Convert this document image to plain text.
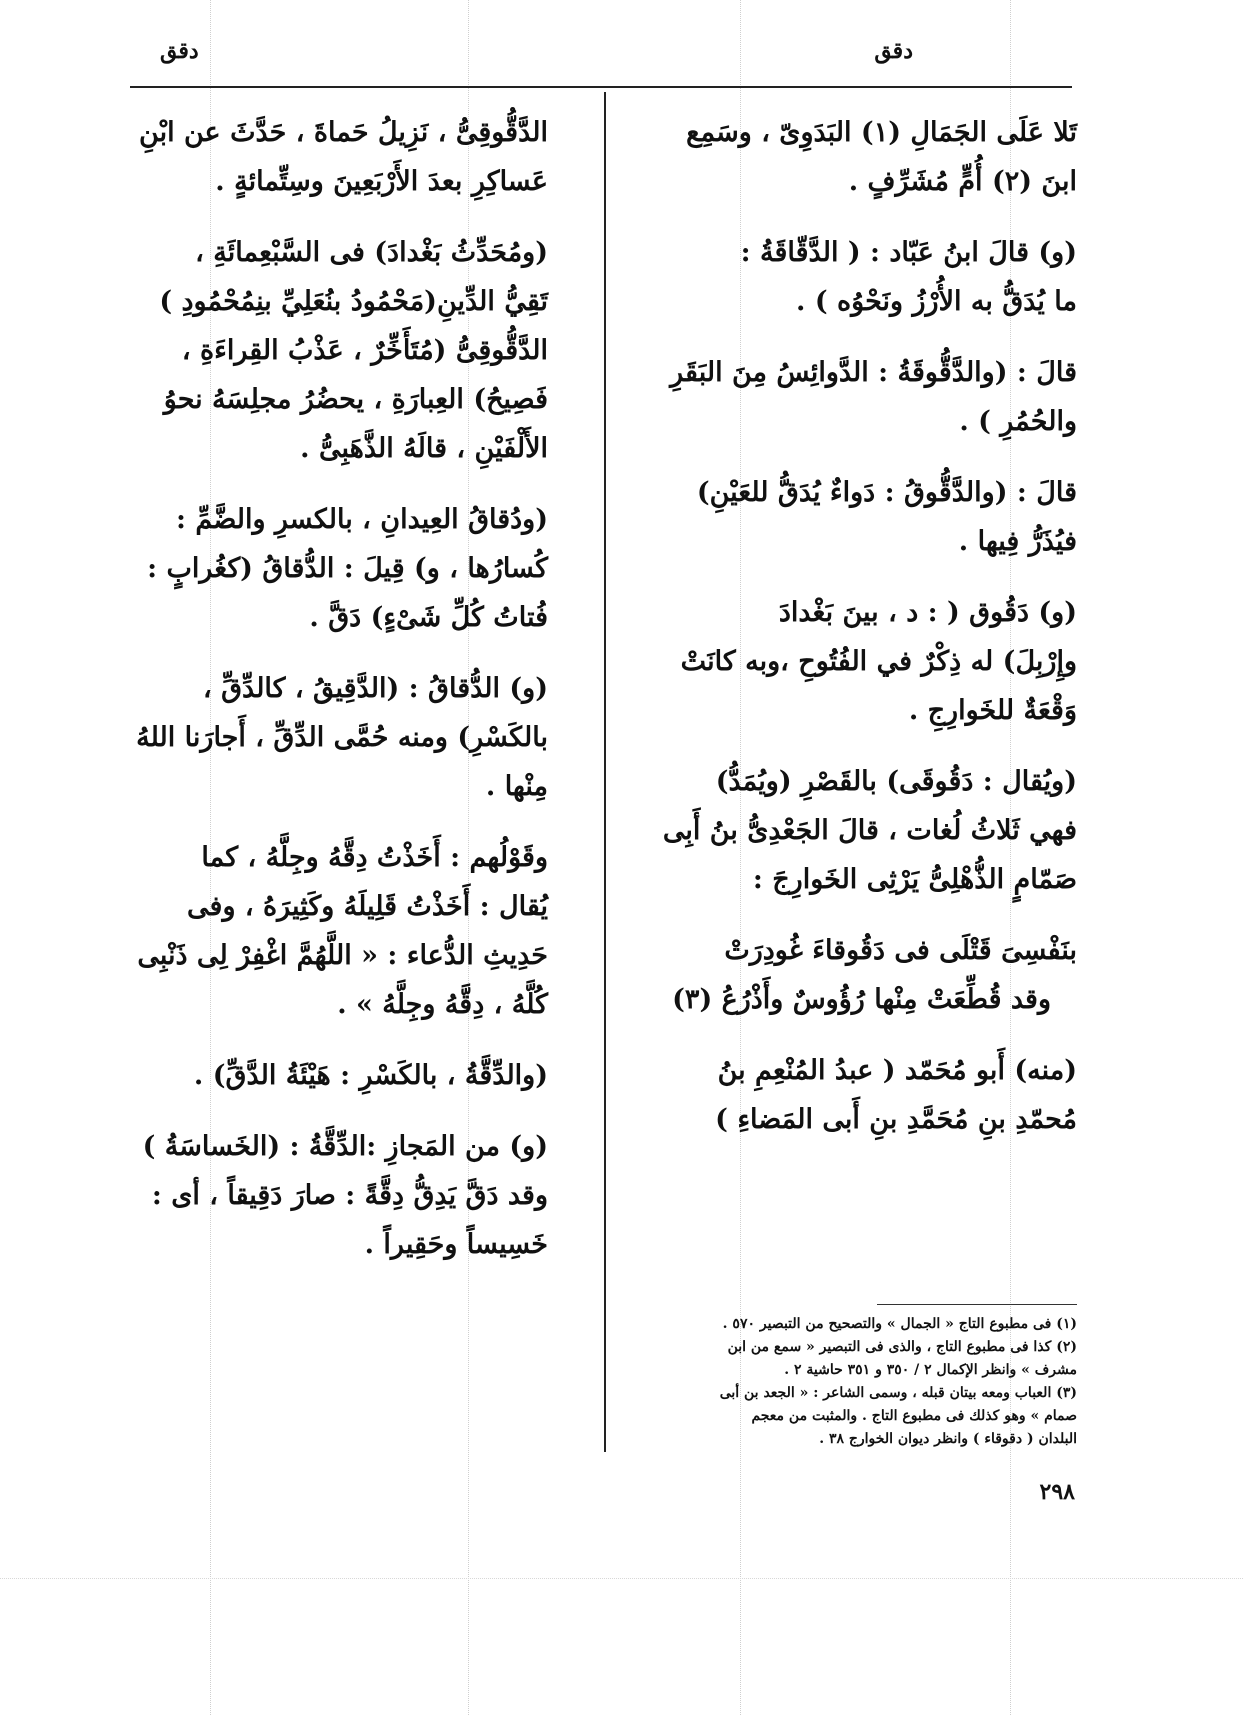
دقق
دقق

تَلا عَلَى الجَمَالِ (١) البَدَوِىّ ، وسَمِع

ابنَ (٢) أُمٍّ مُشَرِّفٍ .

(و) قالَ ابنُ عَبّاد : ( الدَّقّاقَةُ :

ما يُدَقُّ به الأُرْزُ ونَحْوُه ) .

قالَ : (والدَّقُّوقَةُ : الدَّوائِسُ مِنَ البَقَرِ

والحُمُرِ ) .

قالَ : (والدَّقُّوقُ : دَواءٌ يُدَقُّ للعَيْنِ)

فيُذَرُّ فِيها .

(و) دَقُوق ( : د ، بينَ بَغْدادَ

وإِرْبِلَ) له ذِكْرٌ في الفُتُوحِ ،وبه كانَتْ

وَقْعَةٌ للخَوارِجِ .

(ويُقال : دَقُوقَى) بالقَصْرِ (ويُمَدُّ)

فهي ثَلاثُ لُغات ، قالَ الجَعْدِىُّ بنُ أَبِى

صَمّامٍ الذُّهْلِىُّ يَرْثِى الخَوارِجَ :

بنَفْسِىَ قَتْلَى فى دَقُوقاءَ غُودِرَتْ

وقد قُطِّعَتْ مِنْها رُؤُوسٌ وأَذْرُعُ (٣)

(منه) أَبو مُحَمّد ( عبدُ المُنْعِمِ بنُ

مُحمّدِ بنِ مُحَمَّدِ بنِ أَبى المَضاءِ )

(١) فى مطبوع التاج « الجمال » والتصحيح من التبصير ٥٧٠ .

(٢) كذا فى مطبوع التاج ، والذى فى التبصير « سمع من ابن

مشرف » وانظر الإكمال ٢ / ٣٥٠ و ٣٥١ حاشية ٢ .

(٣) العباب ومعه بيتان قبله ، وسمى الشاعر : « الجعد بن أبى

صمام » وهو كذلك فى مطبوع التاج . والمثبت من معجم

البلدان ( دقوقاء ) وانظر ديوان الخوارج ٣٨ .

الدَّقُّوقِىُّ ، نَزِيلُ حَماةَ ، حَدَّثَ عن ابْنِ

عَساكِرِ بعدَ الأَرْبَعِينَ وسِتِّمائةٍ .

(ومُحَدِّثُ بَغْدادَ) فى السَّبْعِمائَةِ ،

تَقِيُّ الدِّينِ(مَحْمُودُ بنُعَلِيِّ بنِمُحْمُودِ )

الدَّقُّوقِىُّ (مُتَأَخِّرٌ ، عَذْبُ القِراءَةِ ،

فَصِيحُ) العِبارَةِ ، يحضُرُ مجلِسَهُ نحوُ

الأَلْفَيْنِ ، قالَهُ الذَّهَبِىُّ .

(ودُقاقُ العِيدانِ ، بالكسرِ والضَّمِّ :

كُسارُها ، و) قِيلَ : الدُّقاقُ (كغُرابٍ :

فُتاتُ كُلِّ شَىْءٍ) دَقَّ .

(و) الدُّقاقُ : (الدَّقِيقُ ، كالدِّقِّ ،

بالكَسْرِ) ومنه حُمَّى الدِّقِّ ، أَجارَنا اللهُ

مِنْها .

وقَوْلُهم : أَخَذْتُ دِقَّهُ وجِلَّهُ ، كما

يُقال : أَخَذْتُ قَلِيلَهُ وكَثِيرَهُ ، وفى

حَدِيثِ الدُّعاء : « اللَّهُمَّ اغْفِرْ لِى ذَنْبِى

كُلَّهُ ، دِقَّهُ وجِلَّهُ » .

(والدِّقَّةُ ، بالكَسْرِ : هَيْئَةُ الدَّقِّ) .

(و) من المَجازِ :الدِّقَّةُ : (الخَساسَةُ )

وقد دَقَّ يَدِقُّ دِقَّةً : صارَ دَقِيقاً ، أى :

خَسِيساً وحَقِيراً .

٢٩٨
